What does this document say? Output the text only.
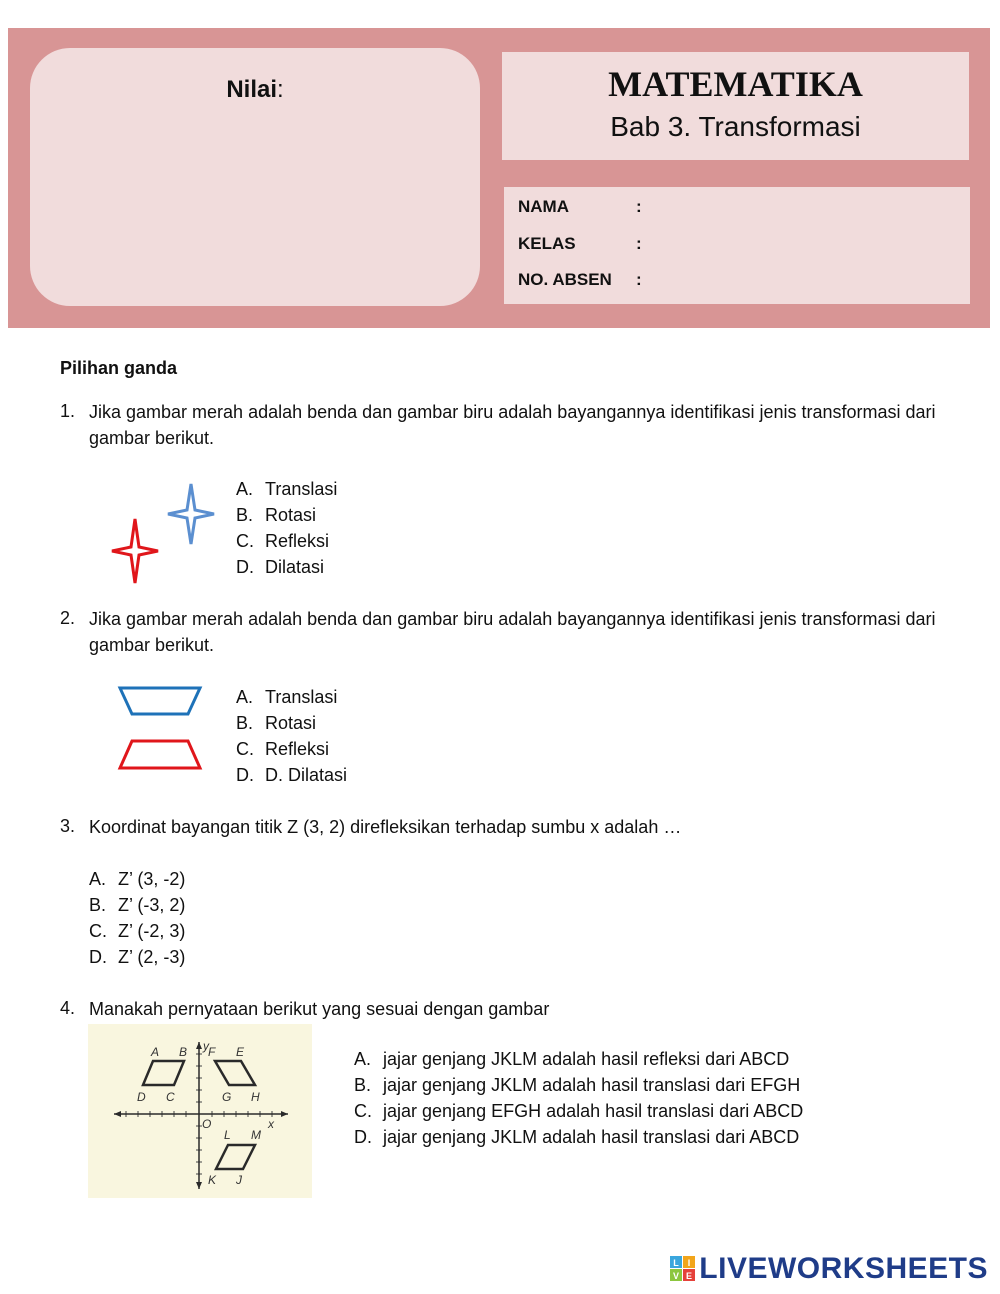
Nilai:	MATEMATIKA
Bab 3. Transformasi
NAMA	:
KELAS	:
NO. ABSEN :
Pilihan ganda
1. Jika gambar merah adalah benda dan gambar biru adalah bayangannya identifikasi jenis transformasi dari gambar berikut.
A. Translasi
B. Rotasi
C. Refleksi
D. Dilatasi
2. Jika gambar merah adalah benda dan gambar biru adalah bayangannya identifikasi jenis transformasi dari gambar berikut.
A. Translasi
B. Rotasi
C. Refleksi
D. D. Dilatasi
3. Koordinat bayangan titik Z (3, 2) direfleksikan terhadap sumbu x adalah …
A. Z’ (3, -2)
B. Z’ (-3, 2)
C. Z’ (-2, 3)
D. Z’ (2, -3)
4. Manakah pernyataan berikut yang sesuai dengan gambar
A B
D C
F E
G H
L M
K J
O	x
y
A. jajar genjang JKLM adalah hasil refleksi dari ABCD
B. jajar genjang JKLM adalah hasil translasi dari EFGH
C. jajar genjang EFGH adalah hasil translasi dari ABCD
D. jajar genjang JKLM adalah hasil translasi dari ABCD
L I
V E LIVEWORKSHEETS
